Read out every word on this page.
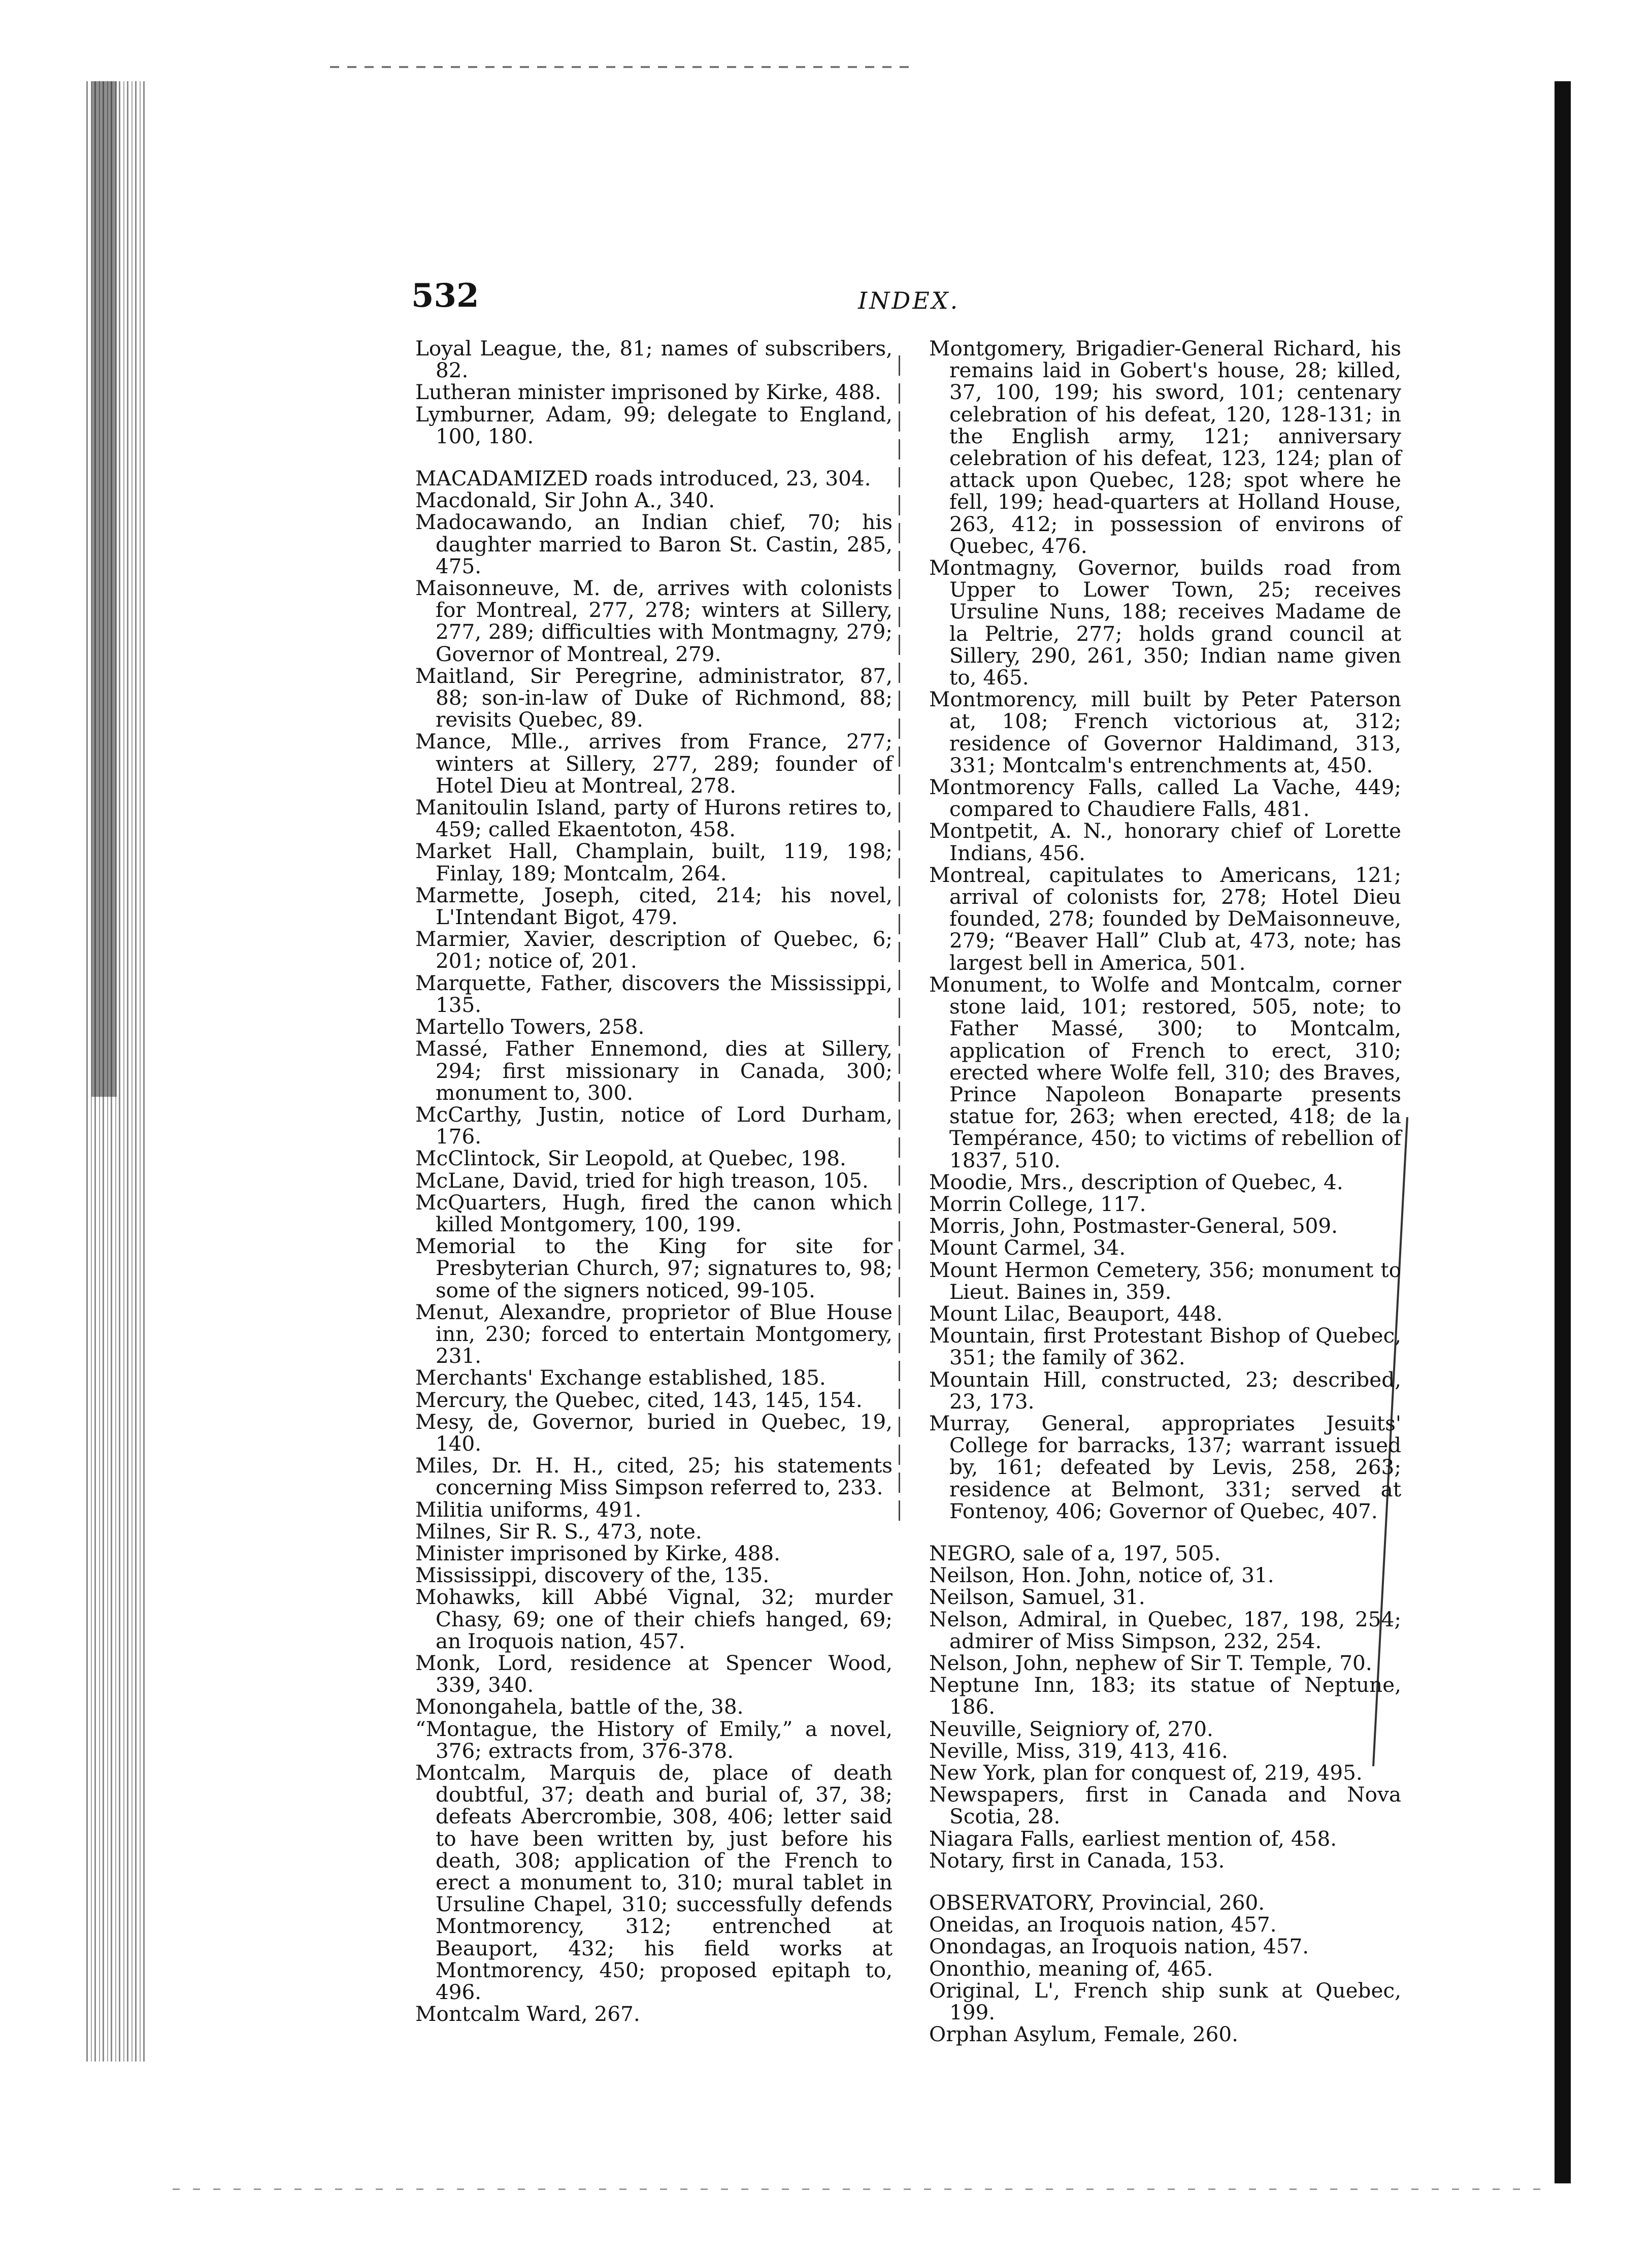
532	INDEX.

Loyal League, the, 81; names of subscribers, 82.

Lutheran minister imprisoned by Kirke, 488.

Lymburner, Adam, 99; delegate to England, 100, 180.

MACADAMIZED roads introduced, 23, 304.

Macdonald, Sir John A., 340.

Madocawando, an Indian chief, 70; his daughter married to Baron St. Castin, 285, 475.

Maisonneuve, M. de, arrives with colonists for Montreal, 277, 278; winters at Sillery, 277, 289; difficulties with Montmagny, 279; Governor of Montreal, 279.

Maitland, Sir Peregrine, administrator, 87, 88; son-in-law of Duke of Richmond, 88; revisits Quebec, 89.

Mance, Mlle., arrives from France, 277; winters at Sillery, 277, 289; founder of Hotel Dieu at Montreal, 278.

Manitoulin Island, party of Hurons retires to, 459; called Ekaentoton, 458.

Market Hall, Champlain, built, 119, 198; Finlay, 189; Montcalm, 264.

Marmette, Joseph, cited, 214; his novel, L'Intendant Bigot, 479.

Marmier, Xavier, description of Quebec, 6; 201; notice of, 201.

Marquette, Father, discovers the Mississippi, 135.

Martello Towers, 258.

Massé, Father Ennemond, dies at Sillery, 294; first missionary in Canada, 300; monument to, 300.

McCarthy, Justin, notice of Lord Durham, 176.

McClintock, Sir Leopold, at Quebec, 198.

McLane, David, tried for high treason, 105.

McQuarters, Hugh, fired the canon which killed Montgomery, 100, 199.

Memorial to the King for site for Presbyterian Church, 97; signatures to, 98; some of the signers noticed, 99-105.

Menut, Alexandre, proprietor of Blue House inn, 230; forced to entertain Montgomery, 231.

Merchants' Exchange established, 185.

Mercury, the Quebec, cited, 143, 145, 154.

Mesy, de, Governor, buried in Quebec, 19, 140.

Miles, Dr. H. H., cited, 25; his statements concerning Miss Simpson referred to, 233.

Militia uniforms, 491.

Milnes, Sir R. S., 473, note.

Minister imprisoned by Kirke, 488.

Mississippi, discovery of the, 135.

Mohawks, kill Abbé Vignal, 32; murder Chasy, 69; one of their chiefs hanged, 69; an Iroquois nation, 457.

Monk, Lord, residence at Spencer Wood, 339, 340.

Monongahela, battle of the, 38.

“Montague, the History of Emily,” a novel, 376; extracts from, 376-378.

Montcalm, Marquis de, place of death doubtful, 37; death and burial of, 37, 38; defeats Abercrombie, 308, 406; letter said to have been written by, just before his death, 308; application of the French to erect a monument to, 310; mural tablet in Ursuline Chapel, 310; successfully defends Montmorency, 312; entrenched at Beauport, 432; his field works at Montmorency, 450; proposed epitaph to, 496.

Montcalm Ward, 267.

Montgomery, Brigadier-General Richard, his remains laid in Gobert's house, 28; killed, 37, 100, 199; his sword, 101; centenary celebration of his defeat, 120, 128-131; in the English army, 121; anniversary celebration of his defeat, 123, 124; plan of attack upon Quebec, 128; spot where he fell, 199; head-quarters at Holland House, 263, 412; in possession of environs of Quebec, 476.

Montmagny, Governor, builds road from Upper to Lower Town, 25; receives Ursuline Nuns, 188; receives Madame de la Peltrie, 277; holds grand council at Sillery, 290, 261, 350; Indian name given to, 465.

Montmorency, mill built by Peter Paterson at, 108; French victorious at, 312; residence of Governor Haldimand, 313, 331; Montcalm's entrenchments at, 450.

Montmorency Falls, called La Vache, 449; compared to Chaudiere Falls, 481.

Montpetit, A. N., honorary chief of Lorette Indians, 456.

Montreal, capitulates to Americans, 121; arrival of colonists for, 278; Hotel Dieu founded, 278; founded by DeMaisonneuve, 279; “Beaver Hall” Club at, 473, note; has largest bell in America, 501.

Monument, to Wolfe and Montcalm, corner stone laid, 101; restored, 505, note; to Father Massé, 300; to Montcalm, application of French to erect, 310; erected where Wolfe fell, 310; des Braves, Prince Napoleon Bonaparte presents statue for, 263; when erected, 418; de la Tempérance, 450; to victims of rebellion of 1837, 510.

Moodie, Mrs., description of Quebec, 4.

Morrin College, 117.

Morris, John, Postmaster-General, 509.

Mount Carmel, 34.

Mount Hermon Cemetery, 356; monument to Lieut. Baines in, 359.

Mount Lilac, Beauport, 448.

Mountain, first Protestant Bishop of Quebec, 351; the family of 362.

Mountain Hill, constructed, 23; described, 23, 173.

Murray, General, appropriates Jesuits' College for barracks, 137; warrant issued by, 161; defeated by Levis, 258, 263; residence at Belmont, 331; served at Fontenoy, 406; Governor of Quebec, 407.

NEGRO, sale of a, 197, 505.

Neilson, Hon. John, notice of, 31.

Neilson, Samuel, 31.

Nelson, Admiral, in Quebec, 187, 198, 254; admirer of Miss Simpson, 232, 254.

Nelson, John, nephew of Sir T. Temple, 70.

Neptune Inn, 183; its statue of Neptune, 186.

Neuville, Seigniory of, 270.

Neville, Miss, 319, 413, 416.

New York, plan for conquest of, 219, 495.

Newspapers, first in Canada and Nova Scotia, 28.

Niagara Falls, earliest mention of, 458.

Notary, first in Canada, 153.

OBSERVATORY, Provincial, 260.

Oneidas, an Iroquois nation, 457.

Onondagas, an Iroquois nation, 457.

Ononthio, meaning of, 465.

Original, L', French ship sunk at Quebec, 199.

Orphan Asylum, Female, 260.
